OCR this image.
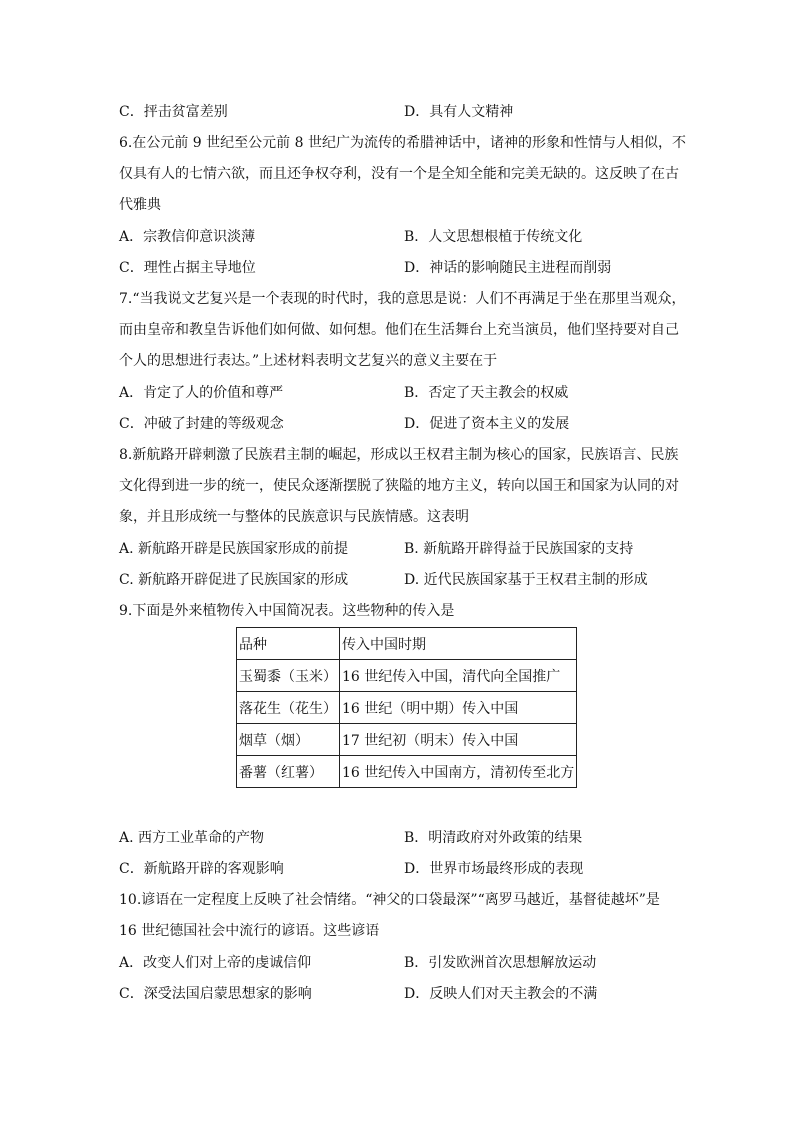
C．抨击贫富差别	D．具有人文精神
6.在公元前 9 世纪至公元前 8 世纪广为流传的希腊神话中，诸神的形象和性情与人相似，不
仅具有人的七情六欲，而且还争权夺利，没有一个是全知全能和完美无缺的。这反映了在古
代雅典
A．宗教信仰意识淡薄	B．人文思想根植于传统文化
C．理性占据主导地位	D．神话的影响随民主进程而削弱
7.“当我说文艺复兴是一个表现的时代时，我的意思是说：人们不再满足于坐在那里当观众，
而由皇帝和教皇告诉他们如何做、如何想。他们在生活舞台上充当演员，他们坚持要对自己
个人的思想进行表达。”上述材料表明文艺复兴的意义主要在于
A．肯定了人的价值和尊严	B．否定了天主教会的权威
C．冲破了封建的等级观念	D．促进了资本主义的发展
8.新航路开辟刺激了民族君主制的崛起，形成以王权君主制为核心的国家，民族语言、民族
文化得到进一步的统一，使民众逐渐摆脱了狭隘的地方主义，转向以国王和国家为认同的对
象，并且形成统一与整体的民族意识与民族情感。这表明
A. 新航路开辟是民族国家形成的前提	B. 新航路开辟得益于民族国家的支持
C. 新航路开辟促进了民族国家的形成	D. 近代民族国家基于王权君主制的形成
9.下面是外来植物传入中国简况表。这些物种的传入是
品种	传入中国时期
玉蜀黍（玉米）	16 世纪传入中国，清代向全国推广
落花生（花生）	16 世纪（明中期）传入中国
烟草（烟）	17 世纪初（明末）传入中国
番薯（红薯）	16 世纪传入中国南方，清初传至北方
A. 西方工业革命的产物	B．明清政府对外政策的结果
C．新航路开辟的客观影响	D．世界市场最终形成的表现
10.谚语在一定程度上反映了社会情绪。“神父的口袋最深”“离罗马越近，基督徒越坏”是
16 世纪德国社会中流行的谚语。这些谚语
A．改变人们对上帝的虔诚信仰	B．引发欧洲首次思想解放运动
C．深受法国启蒙思想家的影响	D．反映人们对天主教会的不满
